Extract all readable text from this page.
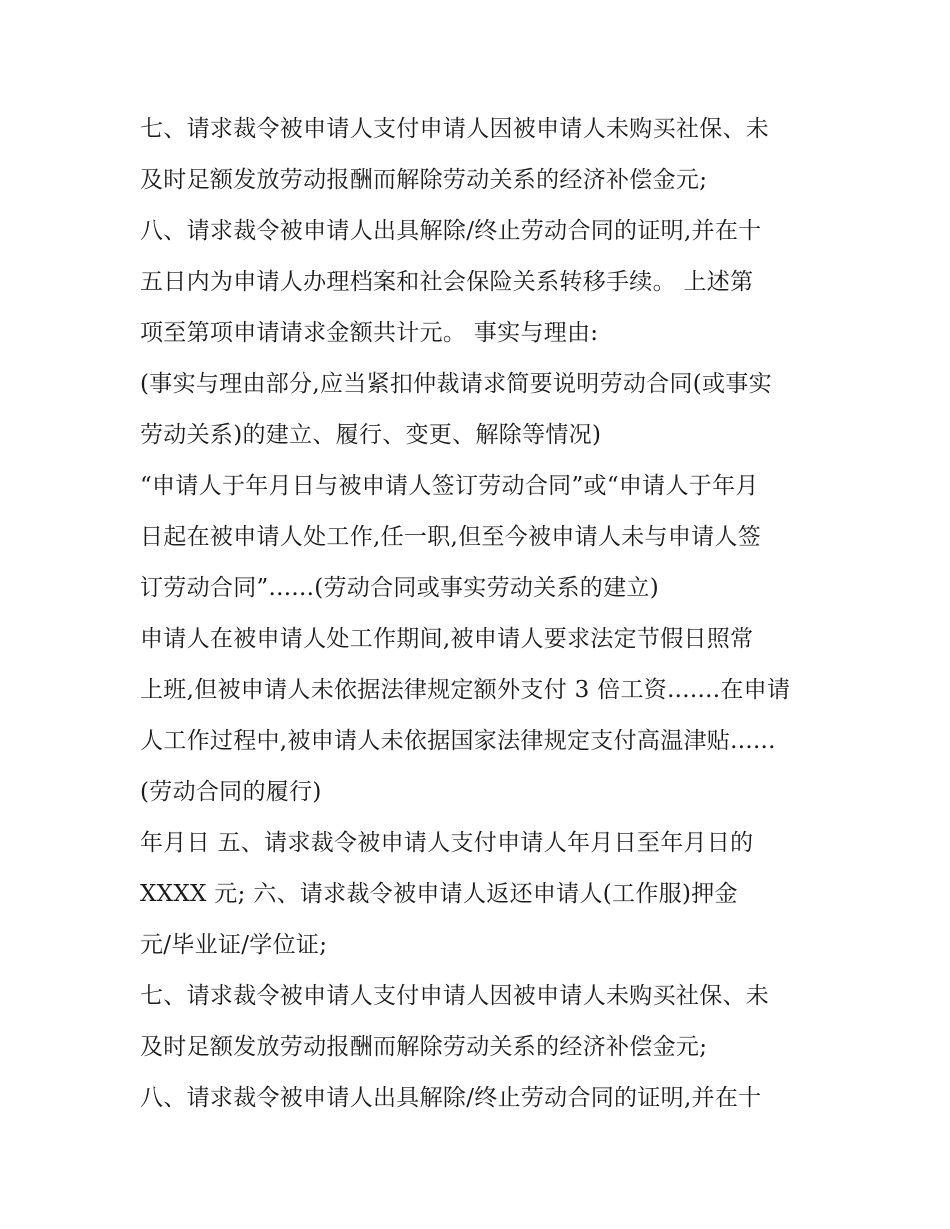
七、请求裁令被申请人支付申请人因被申请人未购买社保、未
及时足额发放劳动报酬而解除劳动关系的经济补偿金元;
八、请求裁令被申请人出具解除/终止劳动合同的证明,并在十
五日内为申请人办理档案和社会保险关系转移手续。 上述第
项至第项申请请求金额共计元。 事实与理由:
(事实与理由部分,应当紧扣仲裁请求简要说明劳动合同(或事实
劳动关系)的建立、履行、变更、解除等情况)
“申请人于年月日与被申请人签订劳动合同”或“申请人于年月
日起在被申请人处工作,任一职,但至今被申请人未与申请人签
订劳动合同”......(劳动合同或事实劳动关系的建立)
申请人在被申请人处工作期间,被申请人要求法定节假日照常
上班,但被申请人未依据法律规定额外支付 3 倍工资.......在申请
人工作过程中,被申请人未依据国家法律规定支付高温津贴......
(劳动合同的履行)
年月日 五、请求裁令被申请人支付申请人年月日至年月日的
XXXX 元; 六、请求裁令被申请人返还申请人(工作服)押金
元/毕业证/学位证;
七、请求裁令被申请人支付申请人因被申请人未购买社保、未
及时足额发放劳动报酬而解除劳动关系的经济补偿金元;
八、请求裁令被申请人出具解除/终止劳动合同的证明,并在十
